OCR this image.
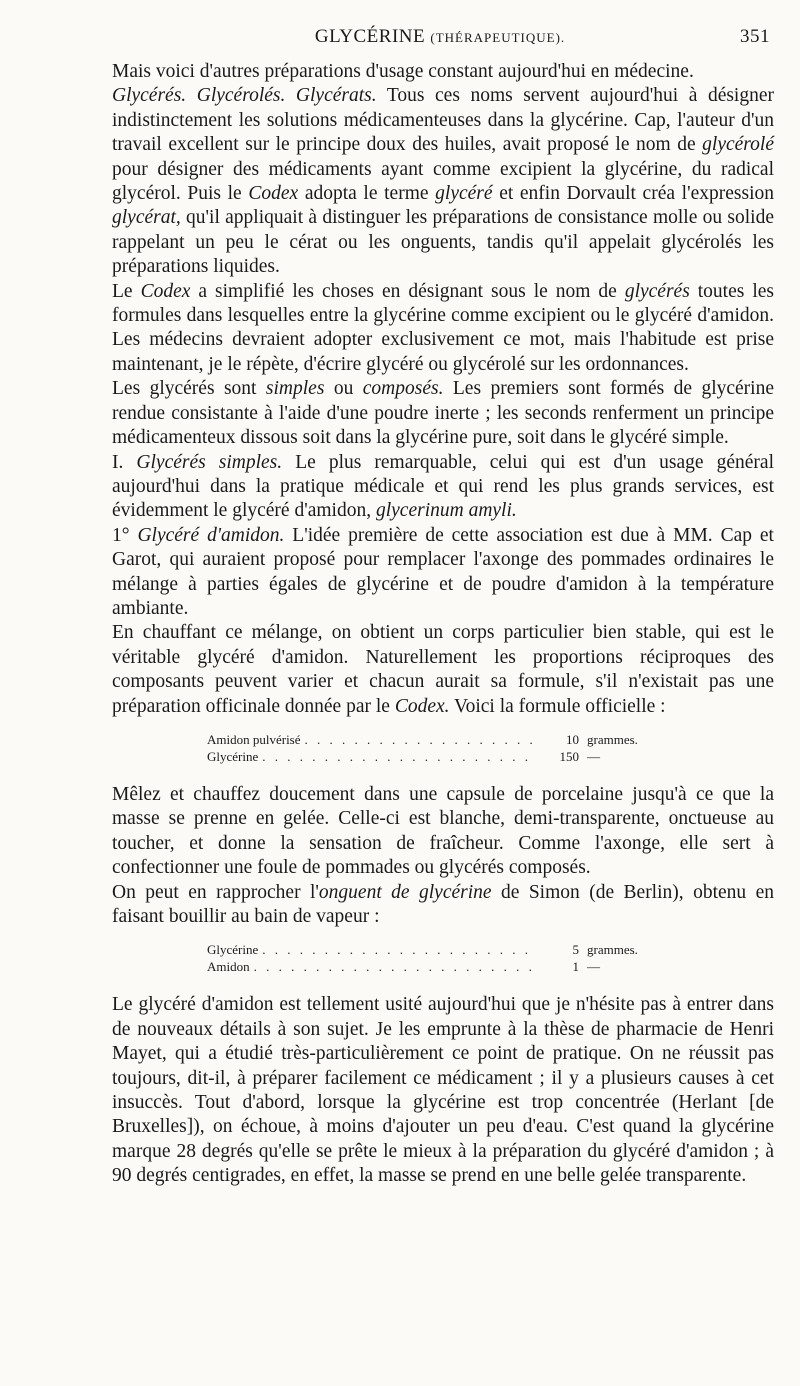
GLYCÉRINE (THÉRAPEUTIQUE).	351

Mais voici d'autres préparations d'usage constant aujourd'hui en médecine.

Glycérés. Glycérolés. Glycérats. Tous ces noms servent aujourd'hui à désigner indistinctement les solutions médicamenteuses dans la glycérine. Cap, l'auteur d'un travail excellent sur le principe doux des huiles, avait proposé le nom de glycérolé pour désigner des médicaments ayant comme excipient la glycérine, du radical glycérol. Puis le Codex adopta le terme glycéré et enfin Dorvault créa l'expression glycérat, qu'il appliquait à distinguer les préparations de consistance molle ou solide rappelant un peu le cérat ou les onguents, tandis qu'il appelait glycérolés les préparations liquides.

Le Codex a simplifié les choses en désignant sous le nom de glycérés toutes les formules dans lesquelles entre la glycérine comme excipient ou le glycéré d'amidon. Les médecins devraient adopter exclusivement ce mot, mais l'habitude est prise maintenant, je le répète, d'écrire glycéré ou glycérolé sur les ordonnances.

Les glycérés sont simples ou composés. Les premiers sont formés de glycérine rendue consistante à l'aide d'une poudre inerte ; les seconds renferment un principe médicamenteux dissous soit dans la glycérine pure, soit dans le glycéré simple.

I. Glycérés simples. Le plus remarquable, celui qui est d'un usage général aujourd'hui dans la pratique médicale et qui rend les plus grands services, est évidemment le glycéré d'amidon, glycerinum amyli.

1° Glycéré d'amidon. L'idée première de cette association est due à MM. Cap et Garot, qui auraient proposé pour remplacer l'axonge des pommades ordinaires le mélange à parties égales de glycérine et de poudre d'amidon à la température ambiante.

En chauffant ce mélange, on obtient un corps particulier bien stable, qui est le véritable glycéré d'amidon. Naturellement les proportions réciproques des composants peuvent varier et chacun aurait sa formule, s'il n'existait pas une préparation officinale donnée par le Codex. Voici la formule officielle :

Amidon pulvérisé . . .	10 grammes.
Glycérine . . .	150 —

Mêlez et chauffez doucement dans une capsule de porcelaine jusqu'à ce que la masse se prenne en gelée. Celle-ci est blanche, demi-transparente, onctueuse au toucher, et donne la sensation de fraîcheur. Comme l'axonge, elle sert à confectionner une foule de pommades ou glycérés composés.

On peut en rapprocher l'onguent de glycérine de Simon (de Berlin), obtenu en faisant bouillir au bain de vapeur :

Glycérine . . .	5 grammes.
Amidon . . .	1 —

Le glycéré d'amidon est tellement usité aujourd'hui que je n'hésite pas à entrer dans de nouveaux détails à son sujet. Je les emprunte à la thèse de pharmacie de Henri Mayet, qui a étudié très-particulièrement ce point de pratique. On ne réussit pas toujours, dit-il, à préparer facilement ce médicament ; il y a plusieurs causes à cet insuccès. Tout d'abord, lorsque la glycérine est trop concentrée (Herlant [de Bruxelles]), on échoue, à moins d'ajouter un peu d'eau. C'est quand la glycérine marque 28 degrés qu'elle se prête le mieux à la préparation du glycéré d'amidon ; à 90 degrés centigrades, en effet, la masse se prend en une belle gelée transparente.
